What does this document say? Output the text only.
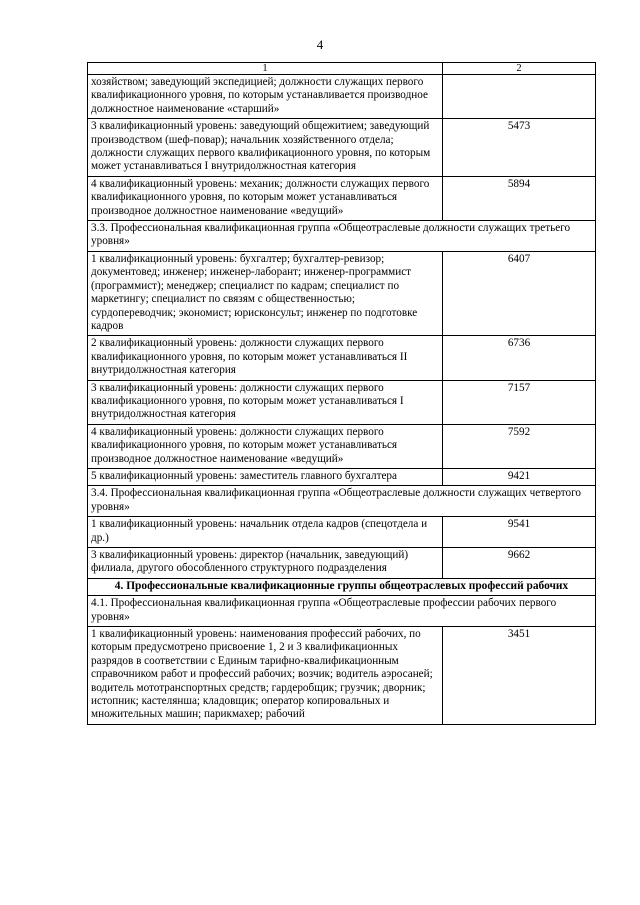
4
1	2
хозяйством; заведующий экспедицией; должности служащих первого квалификационного уровня, по которым устанавливается производное должностное наименование «старший»	
3 квалификационный уровень: заведующий общежитием; заведующий производством (шеф-повар); начальник хозяйственного отдела; должности служащих первого квалификационного уровня, по которым может устанавливаться I внутридолжностная категория	5473
4 квалификационный уровень: механик; должности служащих первого квалификационного уровня, по которым может устанавливаться производное должностное наименование «ведущий»	5894
3.3. Профессиональная квалификационная группа «Общеотраслевые должности служащих третьего уровня»	
1 квалификационный уровень: бухгалтер; бухгалтер-ревизор; документовед; инженер; инженер-лаборант; инженер-программист (программист); менеджер; специалист по кадрам; специалист по маркетингу; специалист по связям с общественностью; сурдопереводчик; экономист; юрисконсульт; инженер по подготовке кадров	6407
2 квалификационный уровень: должности служащих первого квалификационного уровня, по которым может устанавливаться II внутридолжностная категория	6736
3 квалификационный уровень: должности служащих первого квалификационного уровня, по которым может устанавливаться I внутридолжностная категория	7157
4 квалификационный уровень: должности служащих первого квалификационного уровня, по которым может устанавливаться производное должностное наименование «ведущий»	7592
5 квалификационный уровень: заместитель главного бухгалтера	9421
3.4. Профессиональная квалификационная группа «Общеотраслевые должности служащих четвертого уровня»	
1 квалификационный уровень: начальник отдела кадров (спецотдела и др.)	9541
3 квалификационный уровень: директор (начальник, заведующий) филиала, другого обособленного структурного подразделения	9662
4. Профессиональные квалификационные группы общеотраслевых профессий рабочих	
4.1. Профессиональная квалификационная группа «Общеотраслевые профессии рабочих первого уровня»	
1 квалификационный уровень: наименования профессий рабочих, по которым предусмотрено присвоение 1, 2 и 3 квалификационных разрядов в соответствии с Единым тарифно-квалификационным справочником работ и профессий рабочих; возчик; водитель аэросаней; водитель мототранспортных средств; гардеробщик; грузчик; дворник; истопник; кастелянша; кладовщик; оператор копировальных и множительных машин; парикмахер; рабочий	3451
